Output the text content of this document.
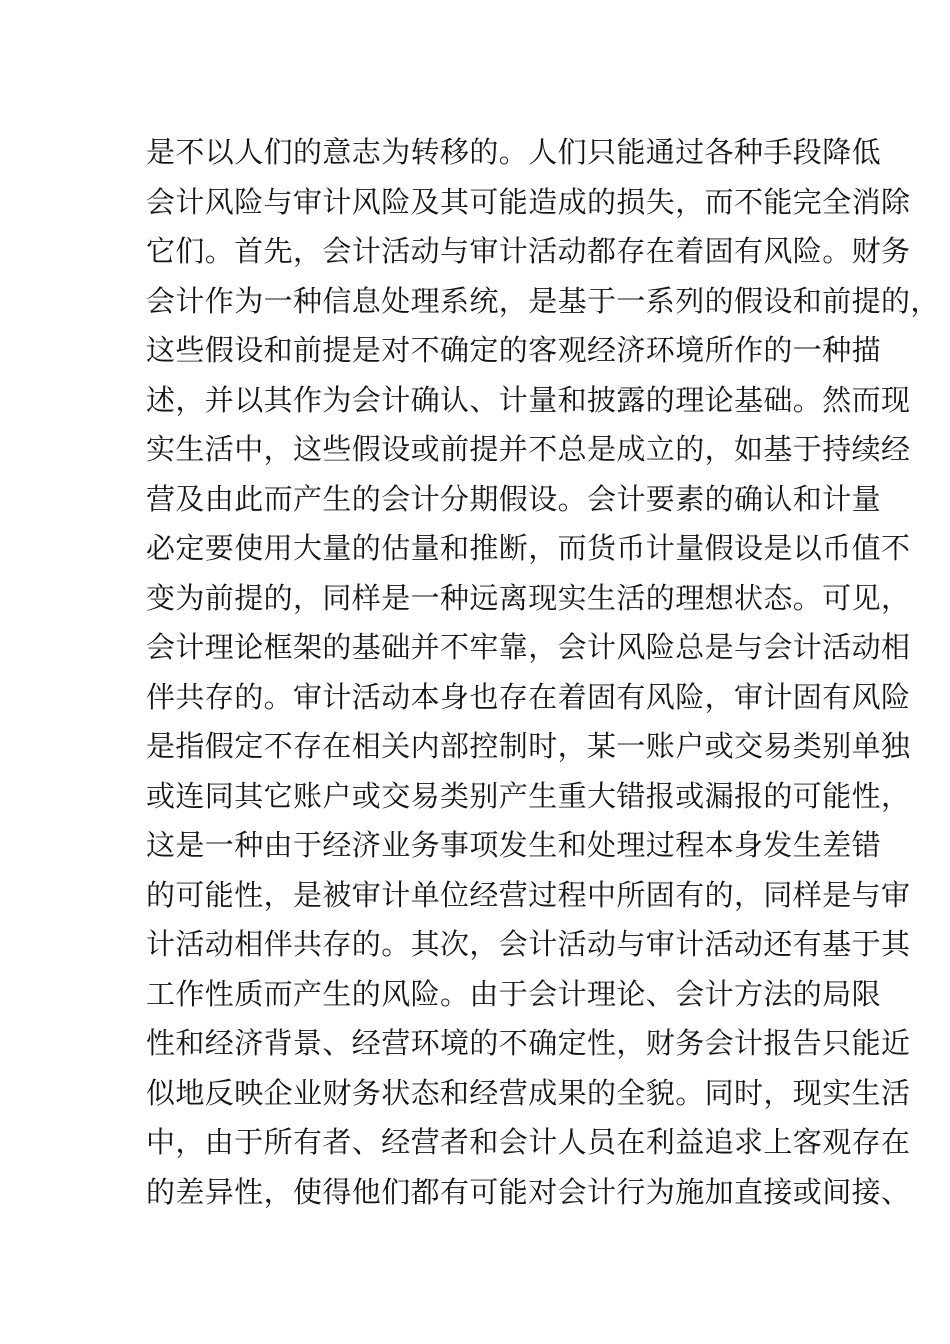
是不以人们的意志为转移的。人们只能通过各种手段降低
会计风险与审计风险及其可能造成的损失，而不能完全消除
它们。首先，会计活动与审计活动都存在着固有风险。财务
会计作为一种信息处理系统，是基于一系列的假设和前提的，
这些假设和前提是对不确定的客观经济环境所作的一种描
述，并以其作为会计确认、计量和披露的理论基础。然而现
实生活中，这些假设或前提并不总是成立的，如基于持续经
营及由此而产生的会计分期假设。会计要素的确认和计量
必定要使用大量的估量和推断，而货币计量假设是以币值不
变为前提的，同样是一种远离现实生活的理想状态。可见，
会计理论框架的基础并不牢靠，会计风险总是与会计活动相
伴共存的。审计活动本身也存在着固有风险，审计固有风险
是指假定不存在相关内部控制时，某一账户或交易类别单独
或连同其它账户或交易类别产生重大错报或漏报的可能性，
这是一种由于经济业务事项发生和处理过程本身发生差错
的可能性，是被审计单位经营过程中所固有的，同样是与审
计活动相伴共存的。其次，会计活动与审计活动还有基于其
工作性质而产生的风险。由于会计理论、会计方法的局限
性和经济背景、经营环境的不确定性，财务会计报告只能近
似地反映企业财务状态和经营成果的全貌。同时，现实生活
中，由于所有者、经营者和会计人员在利益追求上客观存在
的差异性，使得他们都有可能对会计行为施加直接或间接、
